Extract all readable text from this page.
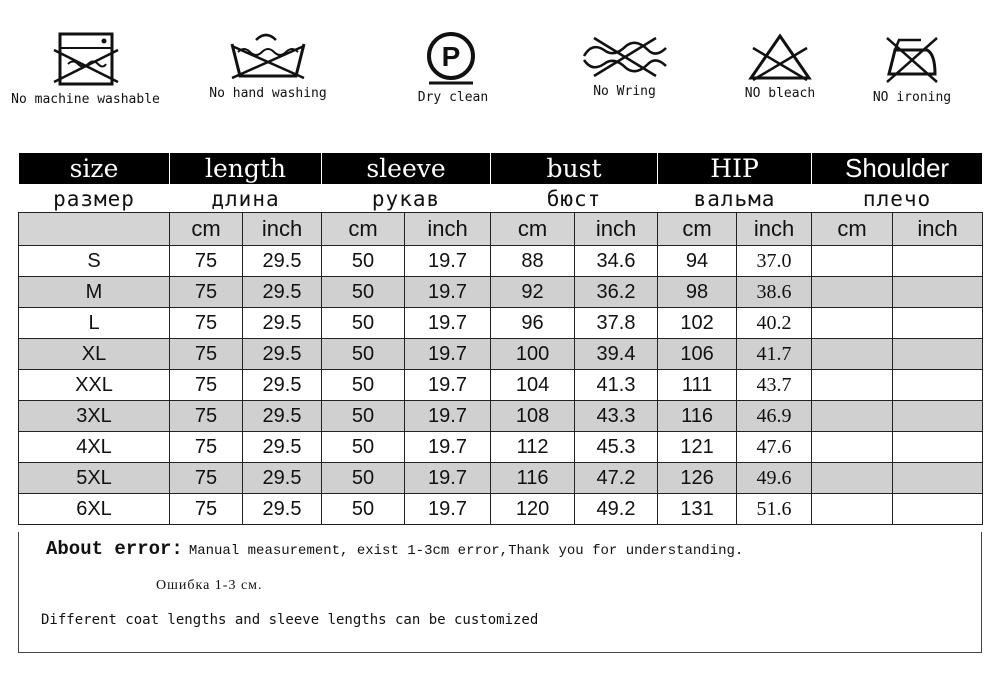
No machine washable	No hand washing
P
Dry clean	No Wring	NO bleach	NO ironing
size	length		sleeve		bust		HIP		Shoulder	
размер	длина		рукав		бюст		вальма		плечо	
	cm	inch	cm	inch	cm	inch	cm	inch	cm	inch
S	75	29.5	50	19.7	88	34.6	94	37.0		
M	75	29.5	50	19.7	92	36.2	98	38.6		
L	75	29.5	50	19.7	96	37.8	102	40.2		
XL	75	29.5	50	19.7	100	39.4	106	41.7		
XXL	75	29.5	50	19.7	104	41.3	111	43.7		
3XL	75	29.5	50	19.7	108	43.3	116	46.9		
4XL	75	29.5	50	19.7	112	45.3	121	47.6		
5XL	75	29.5	50	19.7	116	47.2	126	49.6		
6XL	75	29.5	50	19.7	120	49.2	131	51.6		
About error: Manual measurement, exist 1-3cm error,Thank you for understanding.
Ошибка 1-3 см.
Different coat lengths and sleeve lengths can be customized
